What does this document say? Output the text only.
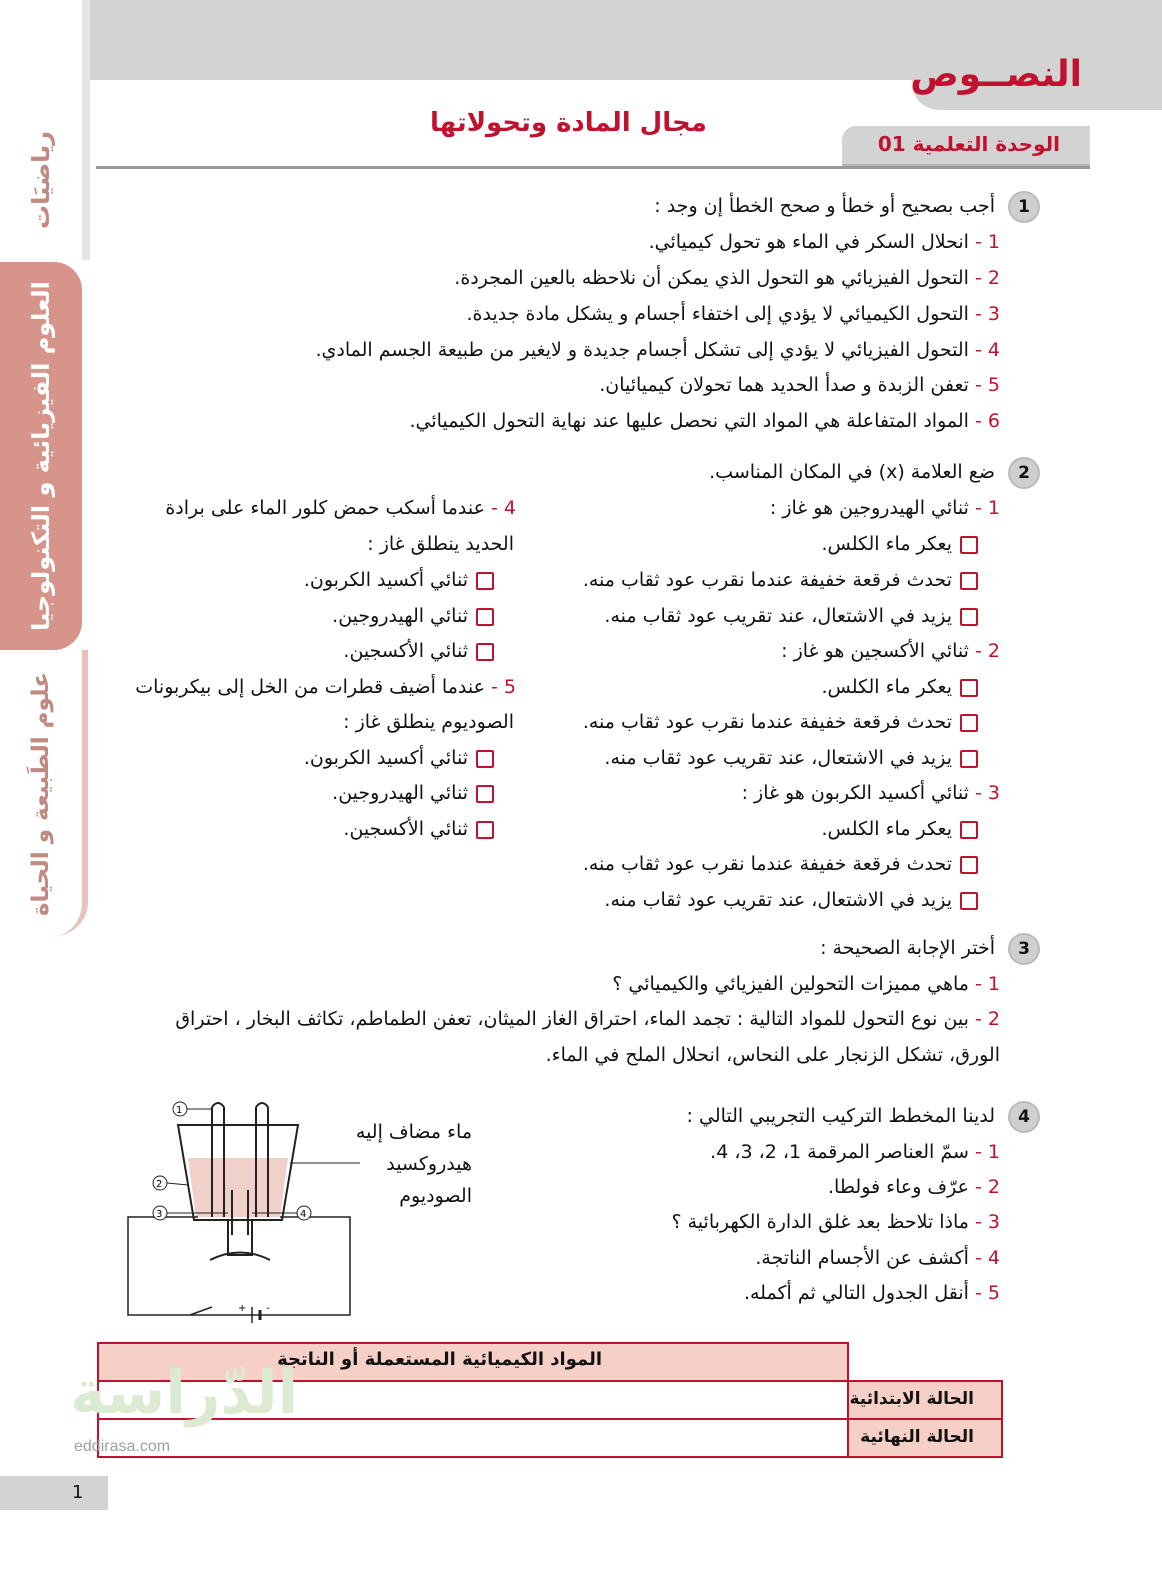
النصــوص
مجال المادة وتحولاتها
الوحدة التعلمية 01
رياضيَات
العلوم الفيزيائية و التكنولوجيا
علوم الطَبيعة و الحياة
1
أجب بصحيح أو خطأ و صحح الخطأ إن وجد :
1 - انحلال السكر في الماء هو تحول كيميائي.
2 - التحول الفيزيائي هو التحول الذي يمكن أن نلاحظه بالعين المجردة.
3 - التحول الكيميائي لا يؤدي إلى اختفاء أجسام و يشكل مادة جديدة.
4 - التحول الفيزيائي لا يؤدي إلى تشكل أجسام جديدة و لايغير من طبيعة الجسم المادي.
5 - تعفن الزبدة و صدأ الحديد هما تحولان كيميائيان.
6 - المواد المتفاعلة هي المواد التي نحصل عليها عند نهاية التحول الكيميائي.
2
ضع العلامة (x) في المكان المناسب.
1 - ثنائي الهيدروجين هو غاز :
يعكر ماء الكلس.
تحدث فرقعة خفيفة عندما نقرب عود ثقاب منه.
يزيد في الاشتعال، عند تقريب عود ثقاب منه.
2 - ثنائي الأكسجين هو غاز :
يعكر ماء الكلس.
تحدث فرقعة خفيفة عندما نقرب عود ثقاب منه.
يزيد في الاشتعال، عند تقريب عود ثقاب منه.
3 - ثنائي أكسيد الكربون هو غاز :
يعكر ماء الكلس.
تحدث فرقعة خفيفة عندما نقرب عود ثقاب منه.
يزيد في الاشتعال، عند تقريب عود ثقاب منه.
4 - عندما أسكب حمض كلور الماء على برادة
الحديد ينطلق غاز :
ثنائي أكسيد الكربون.
ثنائي الهيدروجين.
ثنائي الأكسجين.
5 - عندما أضيف قطرات من الخل إلى بيكربونات
الصوديوم ينطلق غاز :
ثنائي أكسيد الكربون.
ثنائي الهيدروجين.
ثنائي الأكسجين.
3
أختر الإجابة الصحيحة :
1 - ماهي مميزات التحولين الفيزيائي والكيميائي ؟
2 - بين نوع التحول للمواد التالية : تجمد الماء، احتراق الغاز الميثان، تعفن الطماطم، تكاثف البخار ، احتراق
الورق، تشكل الزنجار على النحاس، انحلال الملح في الماء.
4
لدينا المخطط التركيب التجريبي التالي :
1 - سمّ العناصر المرقمة 1، 2، 3، 4.
2 - عرّف وعاء فولطا.
3 - ماذا تلاحظ بعد غلق الدارة الكهربائية ؟
4 - أكشف عن الأجسام الناتجة.
5 - أنقل الجدول التالي ثم أكمله.
ماء مضاف إليه
هيدروكسيد
الصوديوم
+ -
1
2
3	4
المواد الكيميائية المستعملة أو الناتجة
الحالة الابتدائية
الحالة النهائية
الدّراسة
eddirasa.com
1
